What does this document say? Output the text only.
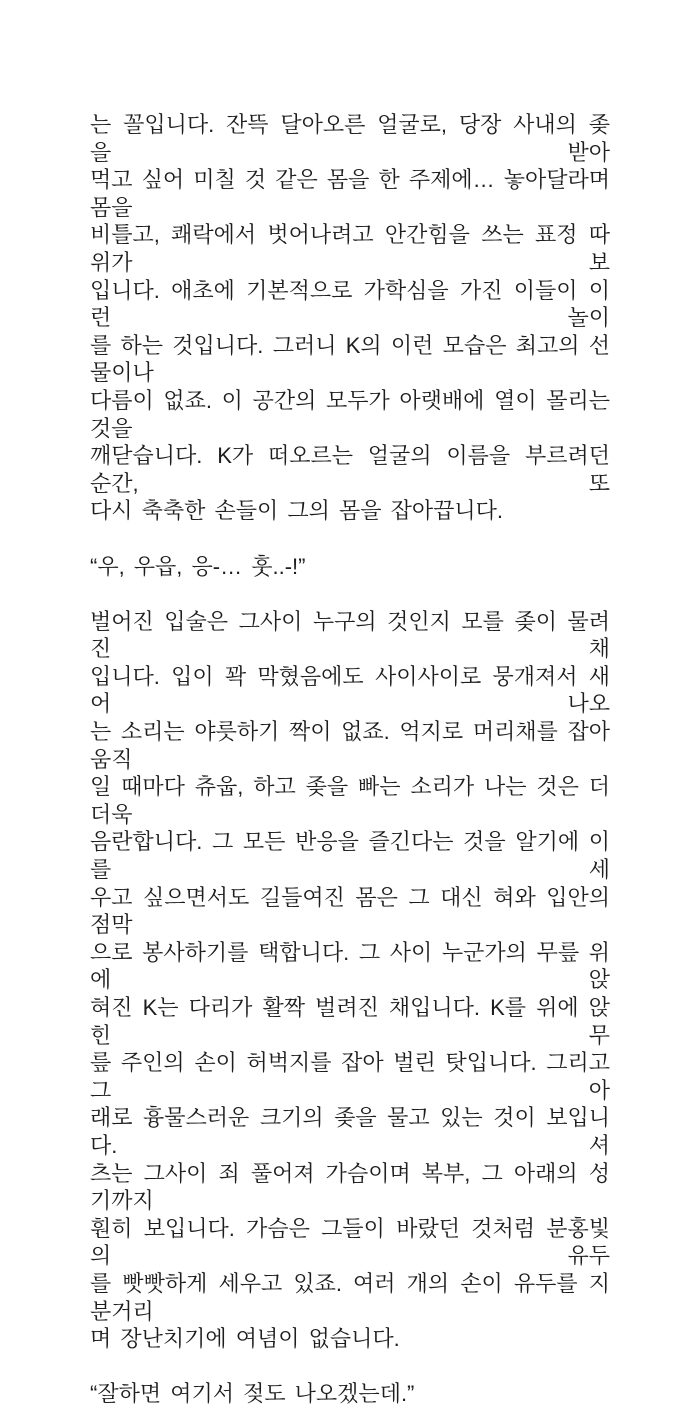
는 꼴입니다. 잔뜩 달아오른 얼굴로, 당장 사내의 좆을 받아
먹고 싶어 미칠 것 같은 몸을 한 주제에… 놓아달라며 몸을
비틀고, 쾌락에서 벗어나려고 안간힘을 쓰는 표정 따위가 보
입니다. 애초에 기본적으로 가학심을 가진 이들이 이런 놀이
를 하는 것입니다. 그러니 K의 이런 모습은 최고의 선물이나
다름이 없죠. 이 공간의 모두가 아랫배에 열이 몰리는 것을
깨닫습니다. K가 떠오르는 얼굴의 이름을 부르려던 순간, 또
다시 축축한 손들이 그의 몸을 잡아끕니다.
“우, 우읍, 응-… 훗..-!”
벌어진 입술은 그사이 누구의 것인지 모를 좆이 물려진 채
입니다. 입이 꽉 막혔음에도 사이사이로 뭉개져서 새어 나오
는 소리는 야릇하기 짝이 없죠. 억지로 머리채를 잡아 움직
일 때마다 츄웁, 하고 좆을 빠는 소리가 나는 것은 더더욱
음란합니다. 그 모든 반응을 즐긴다는 것을 알기에 이를 세
우고 싶으면서도 길들여진 몸은 그 대신 혀와 입안의 점막
으로 봉사하기를 택합니다. 그 사이 누군가의 무릎 위에 앉
혀진 K는 다리가 활짝 벌려진 채입니다. K를 위에 앉힌 무
릎 주인의 손이 허벅지를 잡아 벌린 탓입니다. 그리고 그 아
래로 흉물스러운 크기의 좆을 물고 있는 것이 보입니다. 셔
츠는 그사이 죄 풀어져 가슴이며 복부, 그 아래의 성기까지
훤히 보입니다. 가슴은 그들이 바랐던 것처럼 분홍빛의 유두
를 빳빳하게 세우고 있죠. 여러 개의 손이 유두를 지분거리
며 장난치기에 여념이 없습니다.
“잘하면 여기서 젖도 나오겠는데.”
